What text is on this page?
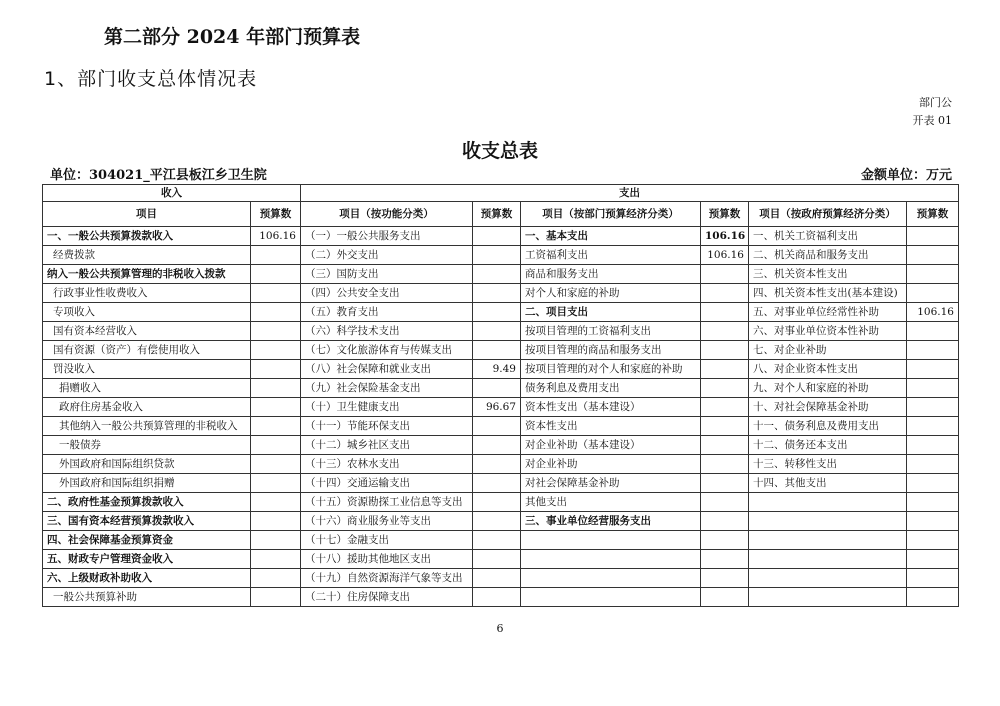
第二部分 2024 年部门预算表
1、部门收支总体情况表
部门公
开表 01
收支总表
单位：304021_平江县板江乡卫生院	金额单位：万元
收入		支出					
项目	预算数	项目（按功能分类）	预算数	项目（按部门预算经济分类）	预算数	项目（按政府预算经济分类）	预算数
一、一般公共预算拨款收入	106.16	（一）一般公共服务支出		一、基本支出	106.16	一、机关工资福利支出	
经费拨款		（二）外交支出		工资福利支出	106.16	二、机关商品和服务支出	
纳入一般公共预算管理的非税收入拨款		（三）国防支出		商品和服务支出		三、机关资本性支出	
行政事业性收费收入		（四）公共安全支出		对个人和家庭的补助		四、机关资本性支出(基本建设)	
专项收入		（五）教育支出		二、项目支出		五、对事业单位经常性补助	106.16
国有资本经营收入		（六）科学技术支出		按项目管理的工资福利支出		六、对事业单位资本性补助	
国有资源（资产）有偿使用收入		（七）文化旅游体育与传媒支出		按项目管理的商品和服务支出		七、对企业补助	
罚没收入		（八）社会保障和就业支出	9.49	按项目管理的对个人和家庭的补助		八、对企业资本性支出	
捐赠收入		（九）社会保险基金支出		债务利息及费用支出		九、对个人和家庭的补助	
政府住房基金收入		（十）卫生健康支出	96.67	资本性支出（基本建设）		十、对社会保障基金补助	
其他纳入一般公共预算管理的非税收入		（十一）节能环保支出		资本性支出		十一、债务利息及费用支出	
一般债券		（十二）城乡社区支出		对企业补助（基本建设）		十二、债务还本支出	
外国政府和国际组织贷款		（十三）农林水支出		对企业补助		十三、转移性支出	
外国政府和国际组织捐赠		（十四）交通运输支出		对社会保障基金补助		十四、其他支出	
二、政府性基金预算拨款收入		（十五）资源勘探工业信息等支出		其他支出			
三、国有资本经营预算拨款收入		（十六）商业服务业等支出		三、事业单位经营服务支出			
四、社会保障基金预算资金		（十七）金融支出					
五、财政专户管理资金收入		（十八）援助其他地区支出					
六、上级财政补助收入		（十九）自然资源海洋气象等支出					
一般公共预算补助		（二十）住房保障支出					
6
